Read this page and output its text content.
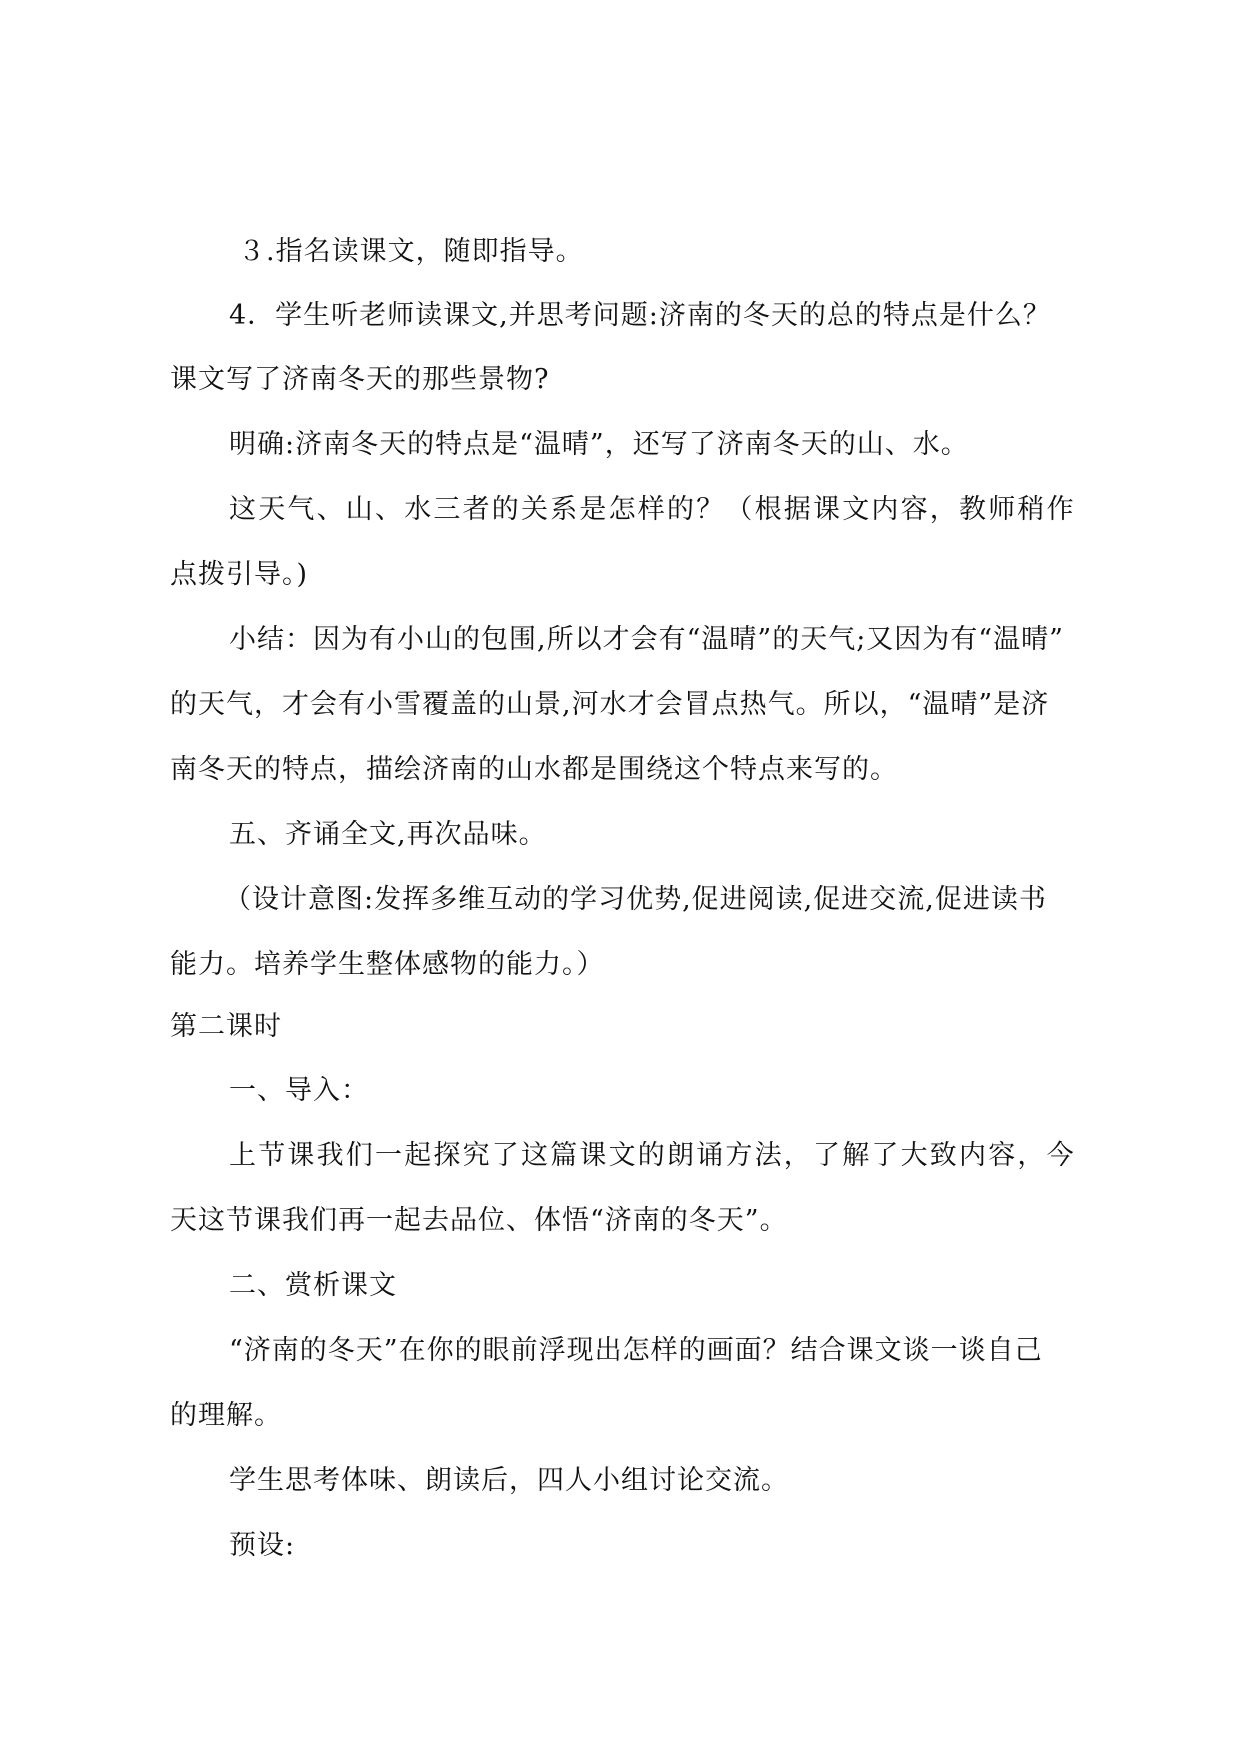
３.指名读课文，随即指导。
4．学生听老师读课文,并思考问题:济南的冬天的总的特点是什么？
课文写了济南冬天的那些景物?
明确:济南冬天的特点是“温晴”，还写了济南冬天的山、水。
这天气、山、水三者的关系是怎样的？（根据课文内容，教师稍作
点拨引导。)
小结：因为有小山的包围,所以才会有“温晴”的天气;又因为有“温晴”
的天气，才会有小雪覆盖的山景,河水才会冒点热气。所以，“温晴”是济
南冬天的特点，描绘济南的山水都是围绕这个特点来写的。
五、齐诵全文,再次品味。
（设计意图:发挥多维互动的学习优势,促进阅读,促进交流,促进读书
能力。培养学生整体感物的能力。）
第二课时
一、导入：
上节课我们一起探究了这篇课文的朗诵方法，了解了大致内容，今
天这节课我们再一起去品位、体悟“济南的冬天”。
二、赏析课文
“济南的冬天”在你的眼前浮现出怎样的画面？结合课文谈一谈自己
的理解。
学生思考体味、朗读后，四人小组讨论交流。
预设:
